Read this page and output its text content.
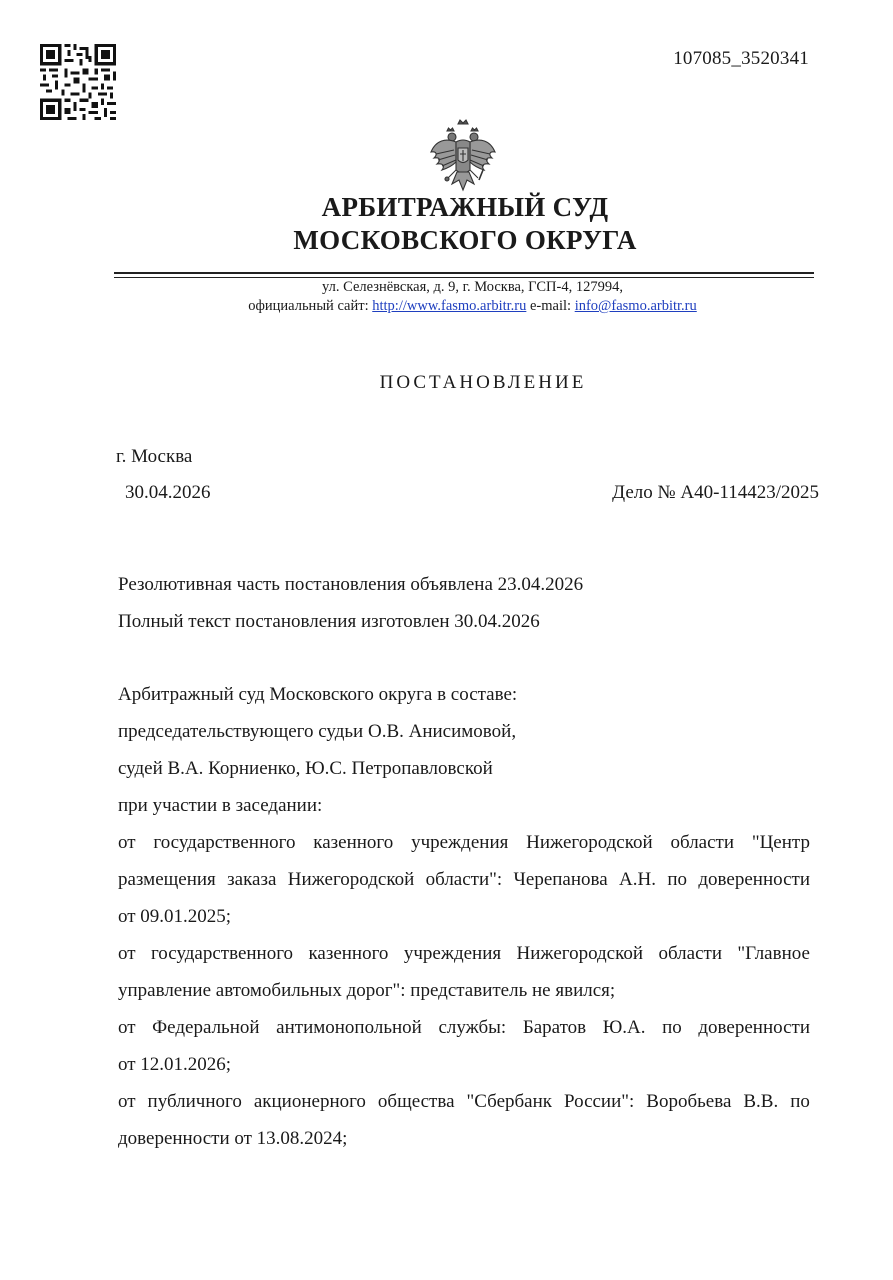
107085_3520341
АРБИТРАЖНЫЙ СУД
МОСКОВСКОГО ОКРУГА
ул. Селезнёвская, д. 9, г. Москва, ГСП-4, 127994,
официальный сайт: http://www.fasmo.arbitr.ru e-mail: info@fasmo.arbitr.ru
ПОСТАНОВЛЕНИЕ
г. Москва
30.04.2026	Дело № А40-114423/2025
Резолютивная часть постановления объявлена 23.04.2026
Полный текст постановления изготовлен 30.04.2026
Арбитражный суд Московского округа в составе:
председательствующего судьи О.В. Анисимовой,
судей В.А. Корниенко, Ю.С. Петропавловской
при участии в заседании:
от государственного казенного учреждения Нижегородской области "Центр
размещения заказа Нижегородской области": Черепанова А.Н. по доверенности
от 09.01.2025;
от государственного казенного учреждения Нижегородской области "Главное
управление автомобильных дорог": представитель не явился;
от Федеральной антимонопольной службы: Баратов Ю.А. по доверенности
от 12.01.2026;
от публичного акционерного общества "Сбербанк России": Воробьева В.В. по
доверенности от 13.08.2024;
